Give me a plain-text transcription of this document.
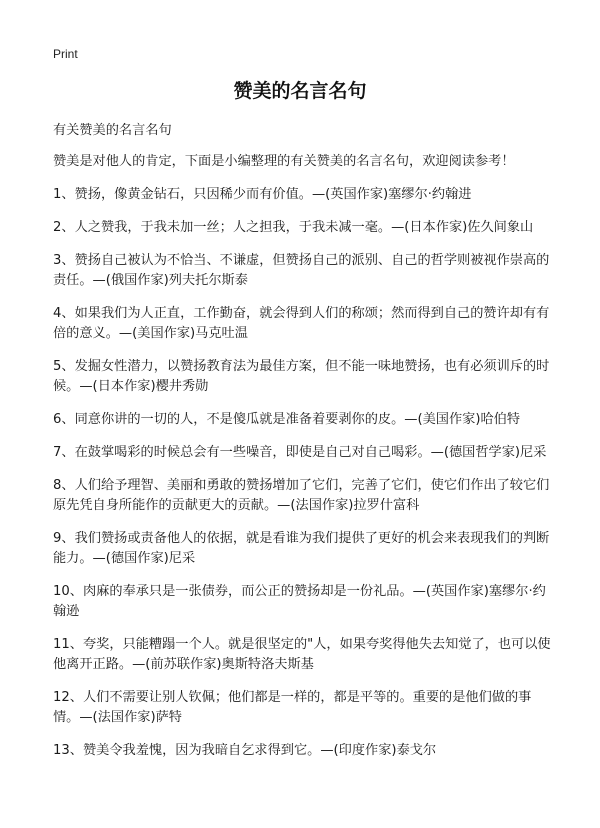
Print
赞美的名言名句

有关赞美的名言名句

赞美是对他人的肯定，下面是小编整理的有关赞美的名言名句，欢迎阅读参考！

1、赞扬，像黄金钻石，只因稀少而有价值。—(英国作家)塞缪尔·约翰进

2、人之赞我，于我未加一丝；人之担我，于我未减一毫。—(日本作家)佐久间象山

3、赞扬自己被认为不恰当、不谦虚，但赞扬自己的派别、自己的哲学则被视作崇高的责任。—(俄国作家)列夫托尔斯泰

4、如果我们为人正直，工作勤奋，就会得到人们的称颂；然而得到自己的赞许却有有倍的意义。—(美国作家)马克吐温

5、发掘女性潜力，以赞扬教育法为最佳方案，但不能一味地赞扬，也有必须训斥的时候。—(日本作家)樱井秀勋

6、同意你讲的一切的人，不是傻瓜就是准备着要剥你的皮。—(美国作家)哈伯特

7、在鼓掌喝彩的时候总会有一些噪音，即使是自己对自己喝彩。—(德国哲学家)尼采

8、人们给予理智、美丽和勇敢的赞扬增加了它们，完善了它们，使它们作出了较它们原先凭自身所能作的贡献更大的贡献。—(法国作家)拉罗什富科

9、我们赞扬或责备他人的依据，就是看谁为我们提供了更好的机会来表现我们的判断能力。—(德国作家)尼采

10、肉麻的奉承只是一张债券，而公正的赞扬却是一份礼品。—(英国作家)塞缪尔·约翰逊

11、夸奖，只能糟蹋一个人。就是很坚定的"人，如果夸奖得他失去知觉了，也可以使他离开正路。—(前苏联作家)奥斯特洛夫斯基

12、人们不需要让别人钦佩；他们都是一样的，都是平等的。重要的是他们做的事情。—(法国作家)萨特

13、赞美令我羞愧，因为我暗自乞求得到它。—(印度作家)泰戈尔
